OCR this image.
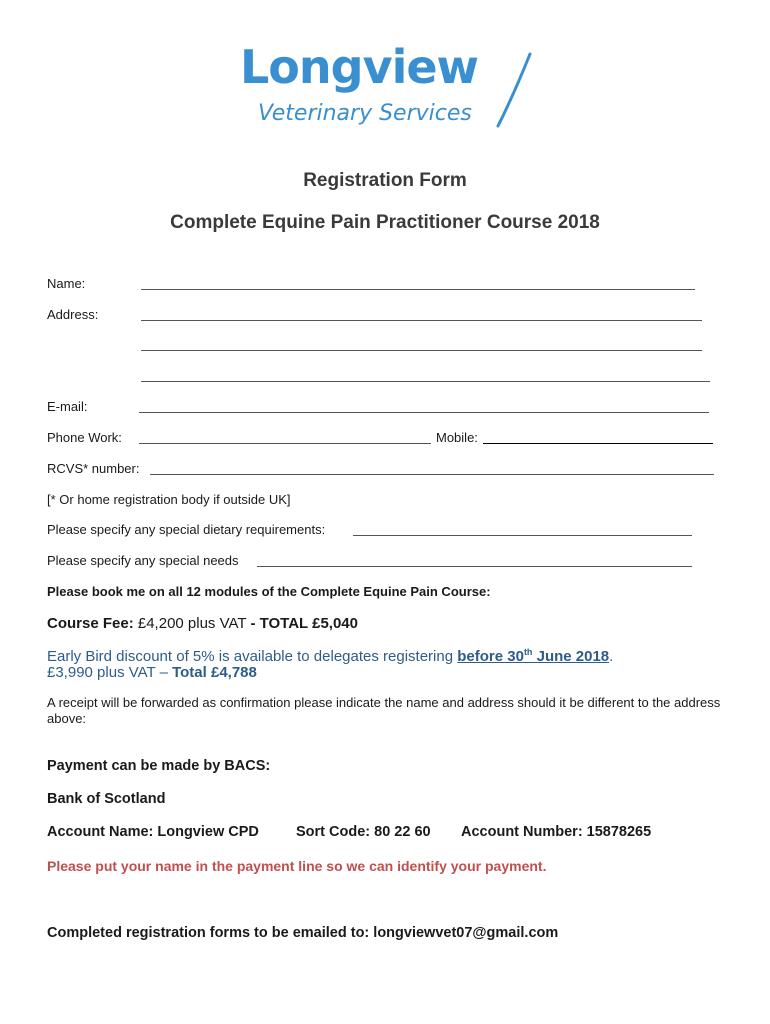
Longview
Veterinary Services
Registration Form
Complete Equine Pain Practitioner Course 2018
Name:
Address:
E-mail:
Phone Work:	Mobile:
RCVS* number:
[* Or home registration body if outside UK]
Please specify any special dietary requirements:
Please specify any special needs
Please book me on all 12 modules of the Complete Equine Pain Course:
Course Fee: £4,200 plus VAT - TOTAL £5,040
Early Bird discount of 5% is available to delegates registering before 30th June 2018.
£3,990 plus VAT – Total £4,788
A receipt will be forwarded as confirmation please indicate the name and address should it be different to the address above:
Payment can be made by BACS:
Bank of Scotland
Account Name: Longview CPD	Sort Code: 80 22 60 Account Number: 15878265
Please put your name in the payment line so we can identify your payment.
Completed registration forms to be emailed to: longviewvet07@gmail.com
